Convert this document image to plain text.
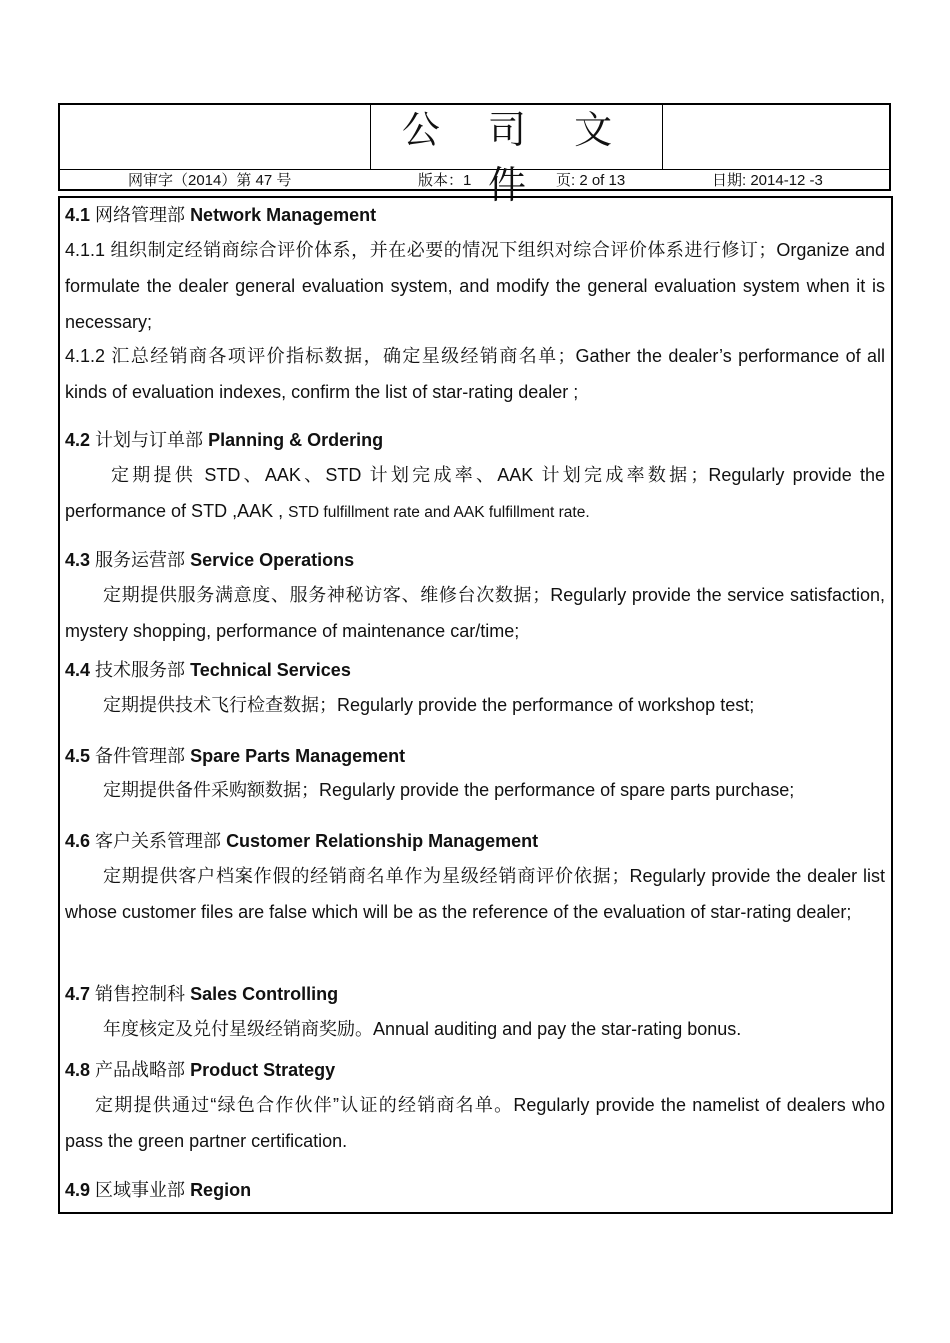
公 司 文 件
网审字（2014）第 47 号	版本：1	页: 2 of 13	日期: 2014-12 -3
4.1 网络管理部 Network Management
4.1.1 组织制定经销商综合评价体系，并在必要的情况下组织对综合评价体系进行修订；Organize and formulate the dealer general evaluation system, and modify the general evaluation system when it is necessary;
4.1.2 汇总经销商各项评价指标数据，确定星级经销商名单；Gather the dealer’s performance of all kinds of evaluation indexes, confirm the list of star-rating dealer ;
4.2 计划与订单部 Planning & Ordering
定期提供 STD、AAK、STD 计划完成率、AAK 计划完成率数据；Regularly provide the performance of STD ,AAK , STD fulfillment rate and AAK fulfillment rate.
4.3 服务运营部 Service Operations
定期提供服务满意度、服务神秘访客、维修台次数据；Regularly provide the service satisfaction, mystery shopping, performance of maintenance car/time;
4.4 技术服务部 Technical Services
定期提供技术飞行检查数据；Regularly provide the performance of workshop test;
4.5 备件管理部 Spare Parts Management
定期提供备件采购额数据；Regularly provide the performance of spare parts purchase;
4.6 客户关系管理部 Customer Relationship Management
定期提供客户档案作假的经销商名单作为星级经销商评价依据；Regularly provide the dealer list whose customer files are false which will be as the reference of the evaluation of star-rating dealer;
4.7 销售控制科 Sales Controlling
年度核定及兑付星级经销商奖励。Annual auditing and pay the star-rating bonus.
4.8 产品战略部 Product Strategy
定期提供通过“绿色合作伙伴”认证的经销商名单。Regularly provide the namelist of dealers who pass the green partner certification.
4.9 区域事业部 Region
